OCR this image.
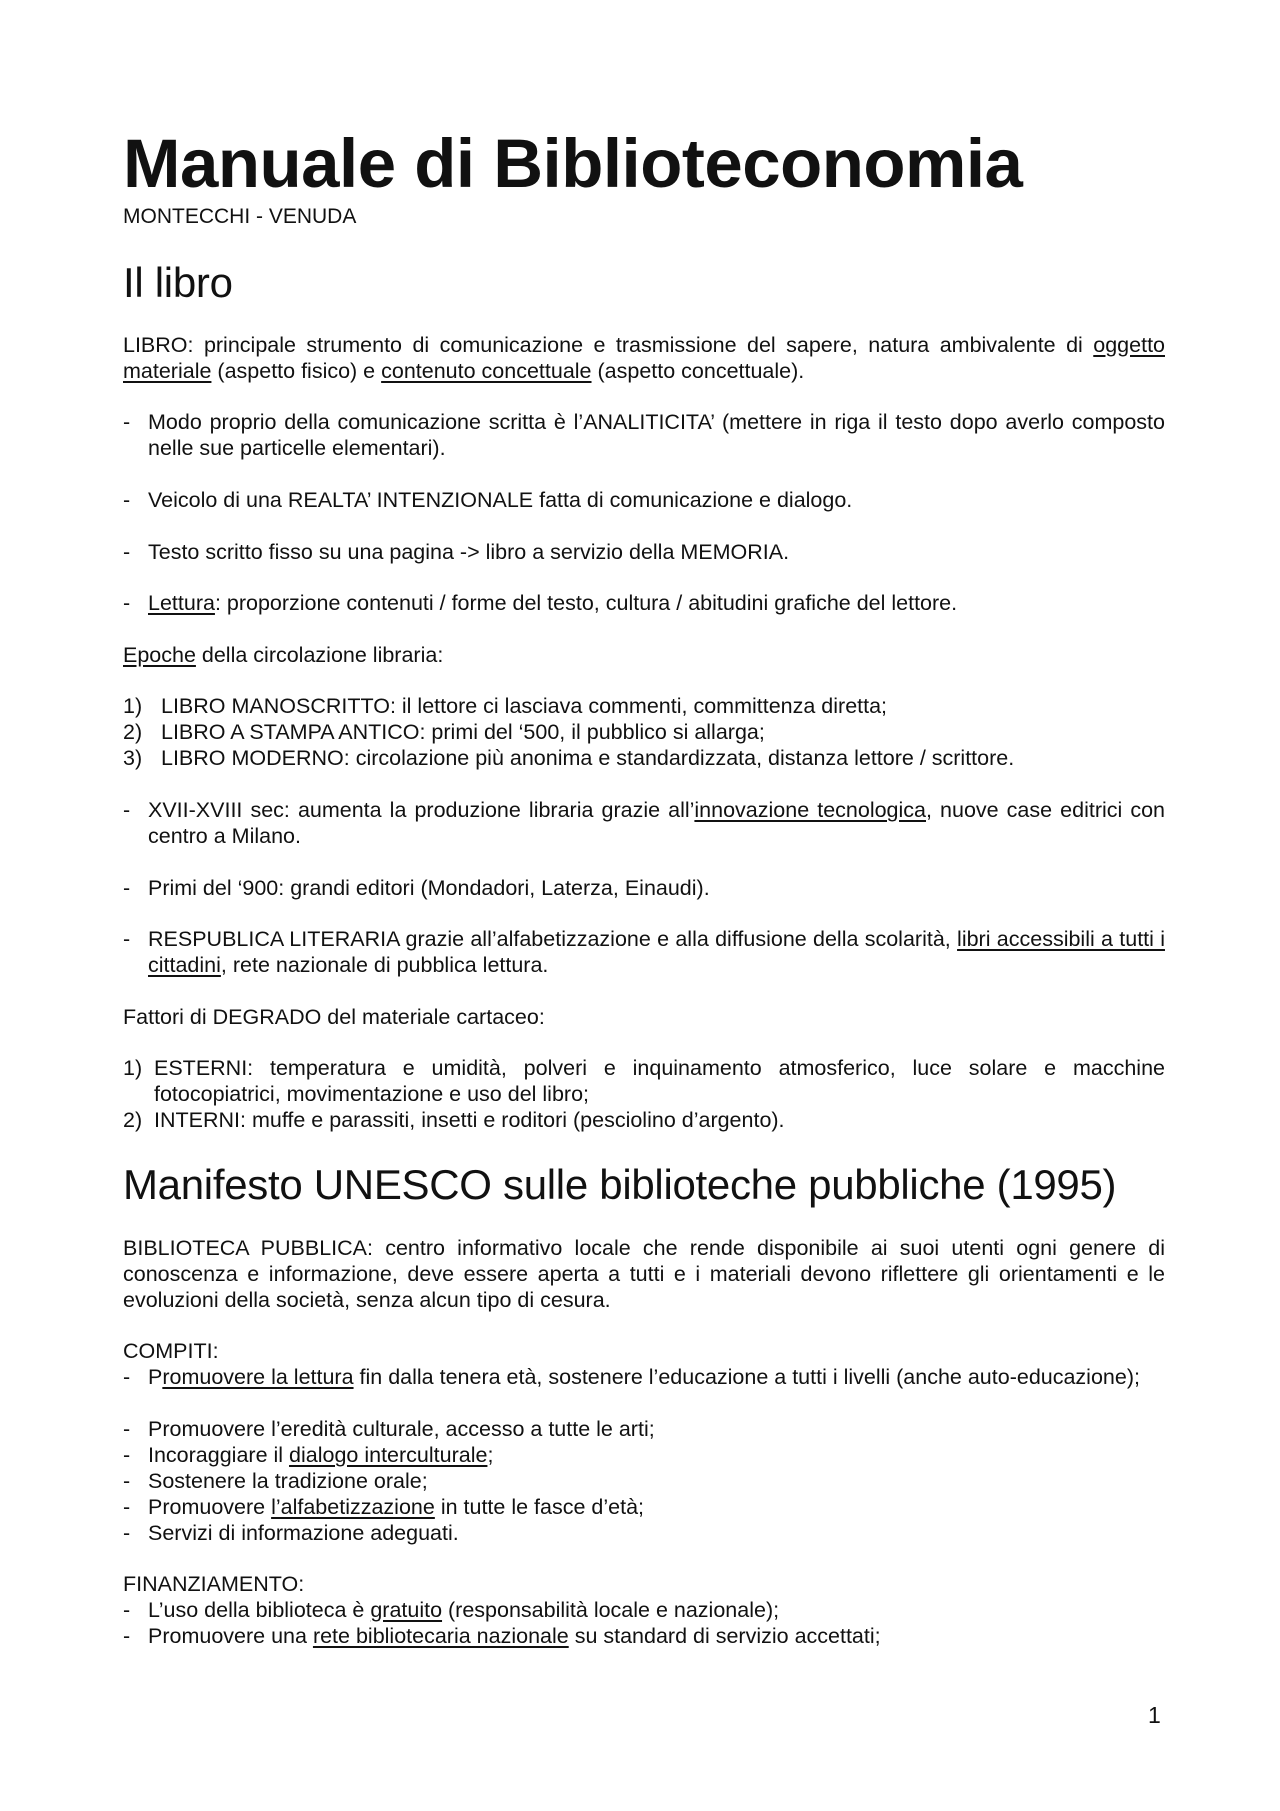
Manuale di Biblioteconomia
MONTECCHI - VENUDA
Il libro
LIBRO: principale strumento di comunicazione e trasmissione del sapere, natura ambivalente di oggetto materiale (aspetto fisico) e contenuto concettuale (aspetto concettuale).
- Modo proprio della comunicazione scritta è l’ANALITICITA’ (mettere in riga il testo dopo averlo composto nelle sue particelle elementari).
- Veicolo di una REALTA’ INTENZIONALE fatta di comunicazione e dialogo.
- Testo scritto fisso su una pagina -> libro a servizio della MEMORIA.
- Lettura: proporzione contenuti / forme del testo, cultura / abitudini grafiche del lettore.
Epoche della circolazione libraria:
1) LIBRO MANOSCRITTO: il lettore ci lasciava commenti, committenza diretta;
2) LIBRO A STAMPA ANTICO: primi del ‘500, il pubblico si allarga;
3) LIBRO MODERNO: circolazione più anonima e standardizzata, distanza lettore / scrittore.
- XVII-XVIII sec: aumenta la produzione libraria grazie all’innovazione tecnologica, nuove case editrici con centro a Milano.
- Primi del ‘900: grandi editori (Mondadori, Laterza, Einaudi).
- RESPUBLICA LITERARIA grazie all’alfabetizzazione e alla diffusione della scolarità, libri accessibili a tutti i cittadini, rete nazionale di pubblica lettura.
Fattori di DEGRADO del materiale cartaceo:
1) ESTERNI: temperatura e umidità, polveri e inquinamento atmosferico, luce solare e macchine fotocopiatrici, movimentazione e uso del libro;
2) INTERNI: muffe e parassiti, insetti e roditori (pesciolino d’argento).
Manifesto UNESCO sulle biblioteche pubbliche (1995)
BIBLIOTECA PUBBLICA: centro informativo locale che rende disponibile ai suoi utenti ogni genere di conoscenza e informazione, deve essere aperta a tutti e i materiali devono riflettere gli orientamenti e le evoluzioni della società, senza alcun tipo di cesura.
COMPITI:
- Promuovere la lettura fin dalla tenera età, sostenere l’educazione a tutti i livelli (anche auto-educazione);
- Promuovere l’eredità culturale, accesso a tutte le arti;
- Incoraggiare il dialogo interculturale;
- Sostenere la tradizione orale;
- Promuovere l’alfabetizzazione in tutte le fasce d’età;
- Servizi di informazione adeguati.
FINANZIAMENTO:
- L’uso della biblioteca è gratuito (responsabilità locale e nazionale);
- Promuovere una rete bibliotecaria nazionale su standard di servizio accettati;
1
